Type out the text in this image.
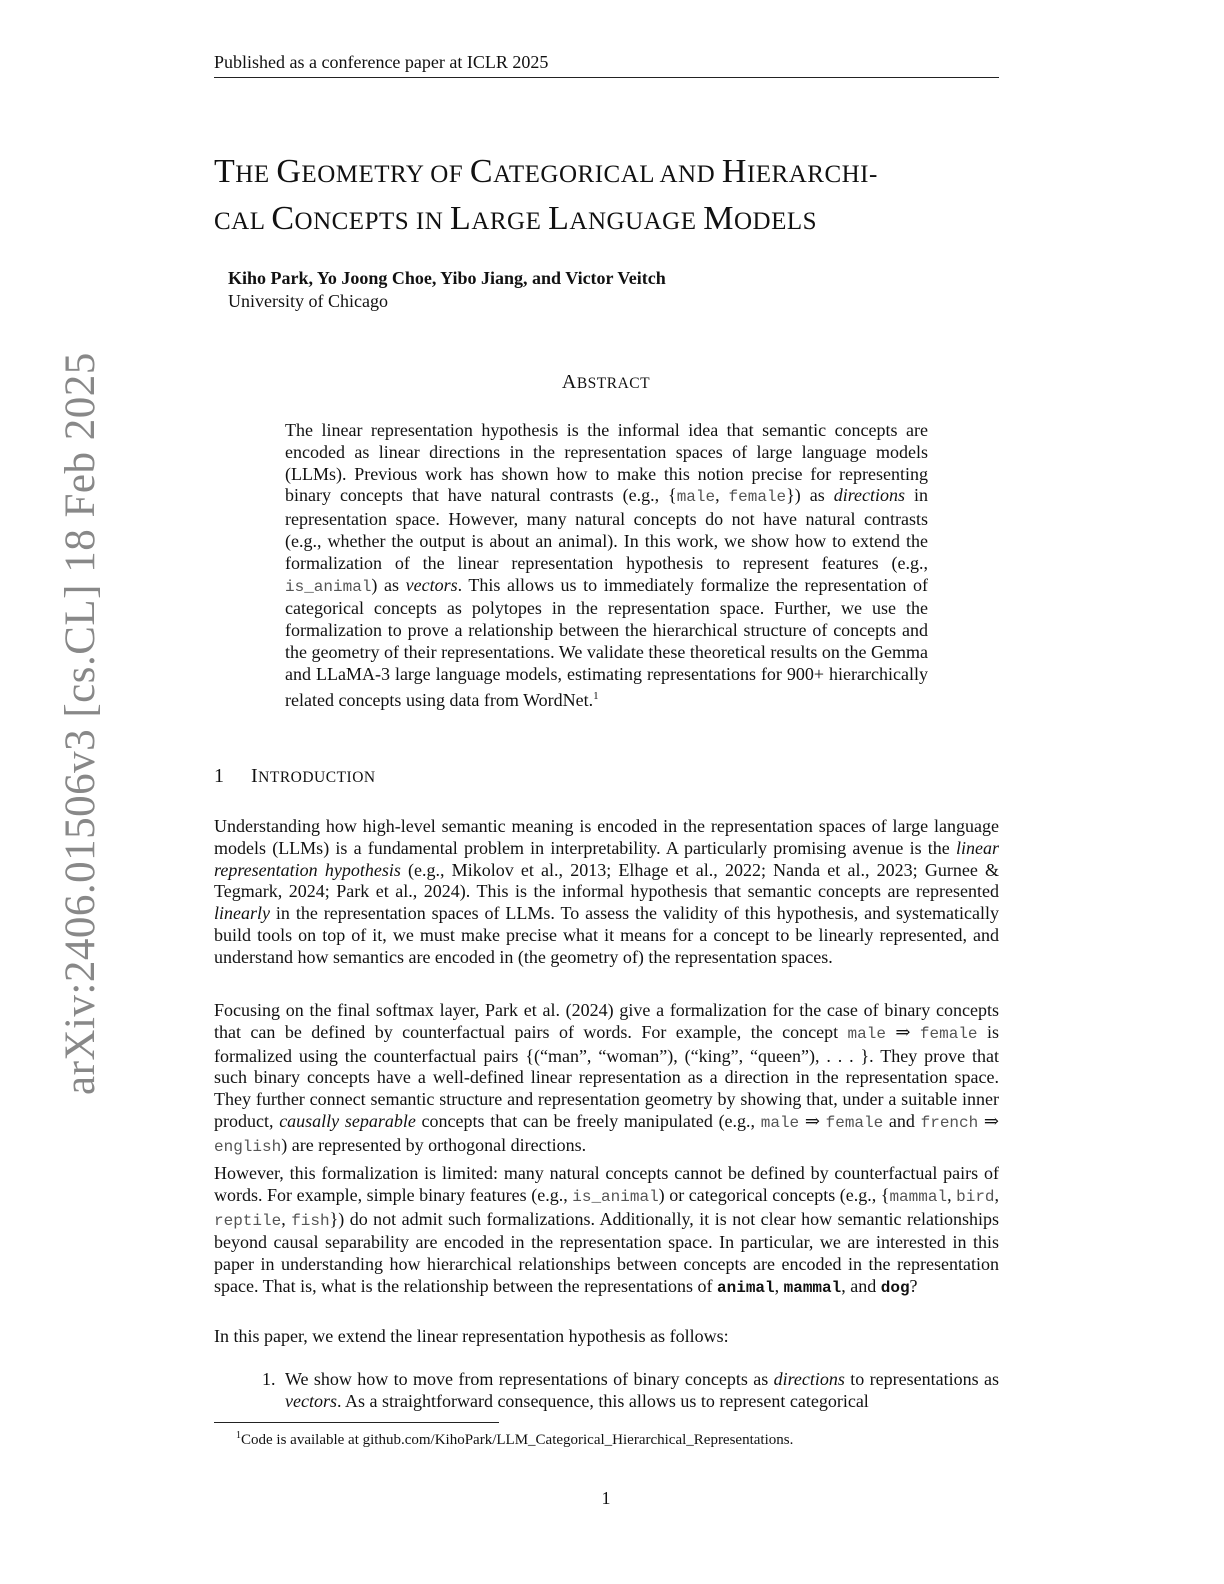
Published as a conference paper at ICLR 2025
arXiv:2406.01506v3 [cs.CL] 18 Feb 2025
THE GEOMETRY OF CATEGORICAL AND HIERARCHI-
CAL CONCEPTS IN LARGE LANGUAGE MODELS
Kiho Park, Yo Joong Choe, Yibo Jiang, and Victor Veitch
University of Chicago
ABSTRACT
The linear representation hypothesis is the informal idea that semantic concepts are encoded as linear directions in the representation spaces of large language models (LLMs). Previous work has shown how to make this notion precise for representing binary concepts that have natural contrasts (e.g., {male, female}) as directions in representation space. However, many natural concepts do not have natural contrasts (e.g., whether the output is about an animal). In this work, we show how to extend the formalization of the linear representation hypothesis to represent features (e.g., is_animal) as vectors. This allows us to immediately formalize the representation of categorical concepts as polytopes in the representation space. Further, we use the formalization to prove a relationship between the hierarchical structure of concepts and the geometry of their representations. We validate these theoretical results on the Gemma and LLaMA-3 large language models, estimating representations for 900+ hierarchically related concepts using data from WordNet.$^1$
1 INTRODUCTION

Understanding how high-level semantic meaning is encoded in the representation spaces of large language models (LLMs) is a fundamental problem in interpretability. A particularly promising avenue is the linear representation hypothesis (e.g., Mikolov et al., 2013; Elhage et al., 2022; Nanda et al., 2023; Gurnee & Tegmark, 2024; Park et al., 2024). This is the informal hypothesis that semantic concepts are represented linearly in the representation spaces of LLMs. To assess the validity of this hypothesis, and systematically build tools on top of it, we must make precise what it means for a concept to be linearly represented, and understand how semantics are encoded in (the geometry of) the representation spaces.

Focusing on the final softmax layer, Park et al. (2024) give a formalization for the case of binary concepts that can be defined by counterfactual pairs of words. For example, the concept male ⇒ female is formalized using the counterfactual pairs {(“man”, “woman”), (“king”, “queen”), . . . }. They prove that such binary concepts have a well-defined linear representation as a direction in the representation space. They further connect semantic structure and representation geometry by showing that, under a suitable inner product, causally separable concepts that can be freely manipulated (e.g., male ⇒ female and french ⇒ english) are represented by orthogonal directions.

However, this formalization is limited: many natural concepts cannot be defined by counterfactual pairs of words. For example, simple binary features (e.g., is_animal) or categorical concepts (e.g., {mammal, bird, reptile, fish}) do not admit such formalizations. Additionally, it is not clear how semantic relationships beyond causal separability are encoded in the representation space. In particular, we are interested in this paper in understanding how hierarchical relationships between concepts are encoded in the representation space. That is, what is the relationship between the representations of animal, mammal, and dog?

In this paper, we extend the linear representation hypothesis as follows:

1. We show how to move from representations of binary concepts as directions to representations as vectors. As a straightforward consequence, this allows us to represent categorical
$^1$Code is available at github.com/KihoPark/LLM_Categorical_Hierarchical_Representations.
1
